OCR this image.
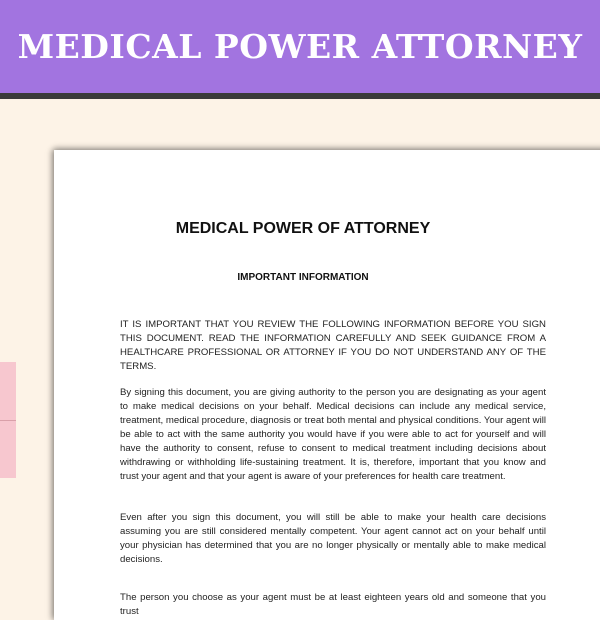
MEDICAL POWER ATTORNEY
MEDICAL POWER OF ATTORNEY
IMPORTANT INFORMATION
IT IS IMPORTANT THAT YOU REVIEW THE FOLLOWING INFORMATION BEFORE YOU SIGN THIS DOCUMENT. READ THE INFORMATION CAREFULLY AND SEEK GUIDANCE FROM A HEALTHCARE PROFESSIONAL OR ATTORNEY IF YOU DO NOT UNDERSTAND ANY OF THE TERMS.
By signing this document, you are giving authority to the person you are designating as your agent to make medical decisions on your behalf. Medical decisions can include any medical service, treatment, medical procedure, diagnosis or treat both mental and physical conditions. Your agent will be able to act with the same authority you would have if you were able to act for yourself and will have the authority to consent, refuse to consent to medical treatment including decisions about withdrawing or withholding life-sustaining treatment. It is, therefore, important that you know and trust your agent and that your agent is aware of your preferences for health care treatment.
Even after you sign this document, you will still be able to make your health care decisions assuming you are still considered mentally competent. Your agent cannot act on your behalf until your physician has determined that you are no longer physically or mentally able to make medical decisions.
The person you choose as your agent must be at least eighteen years old and someone that you trust
